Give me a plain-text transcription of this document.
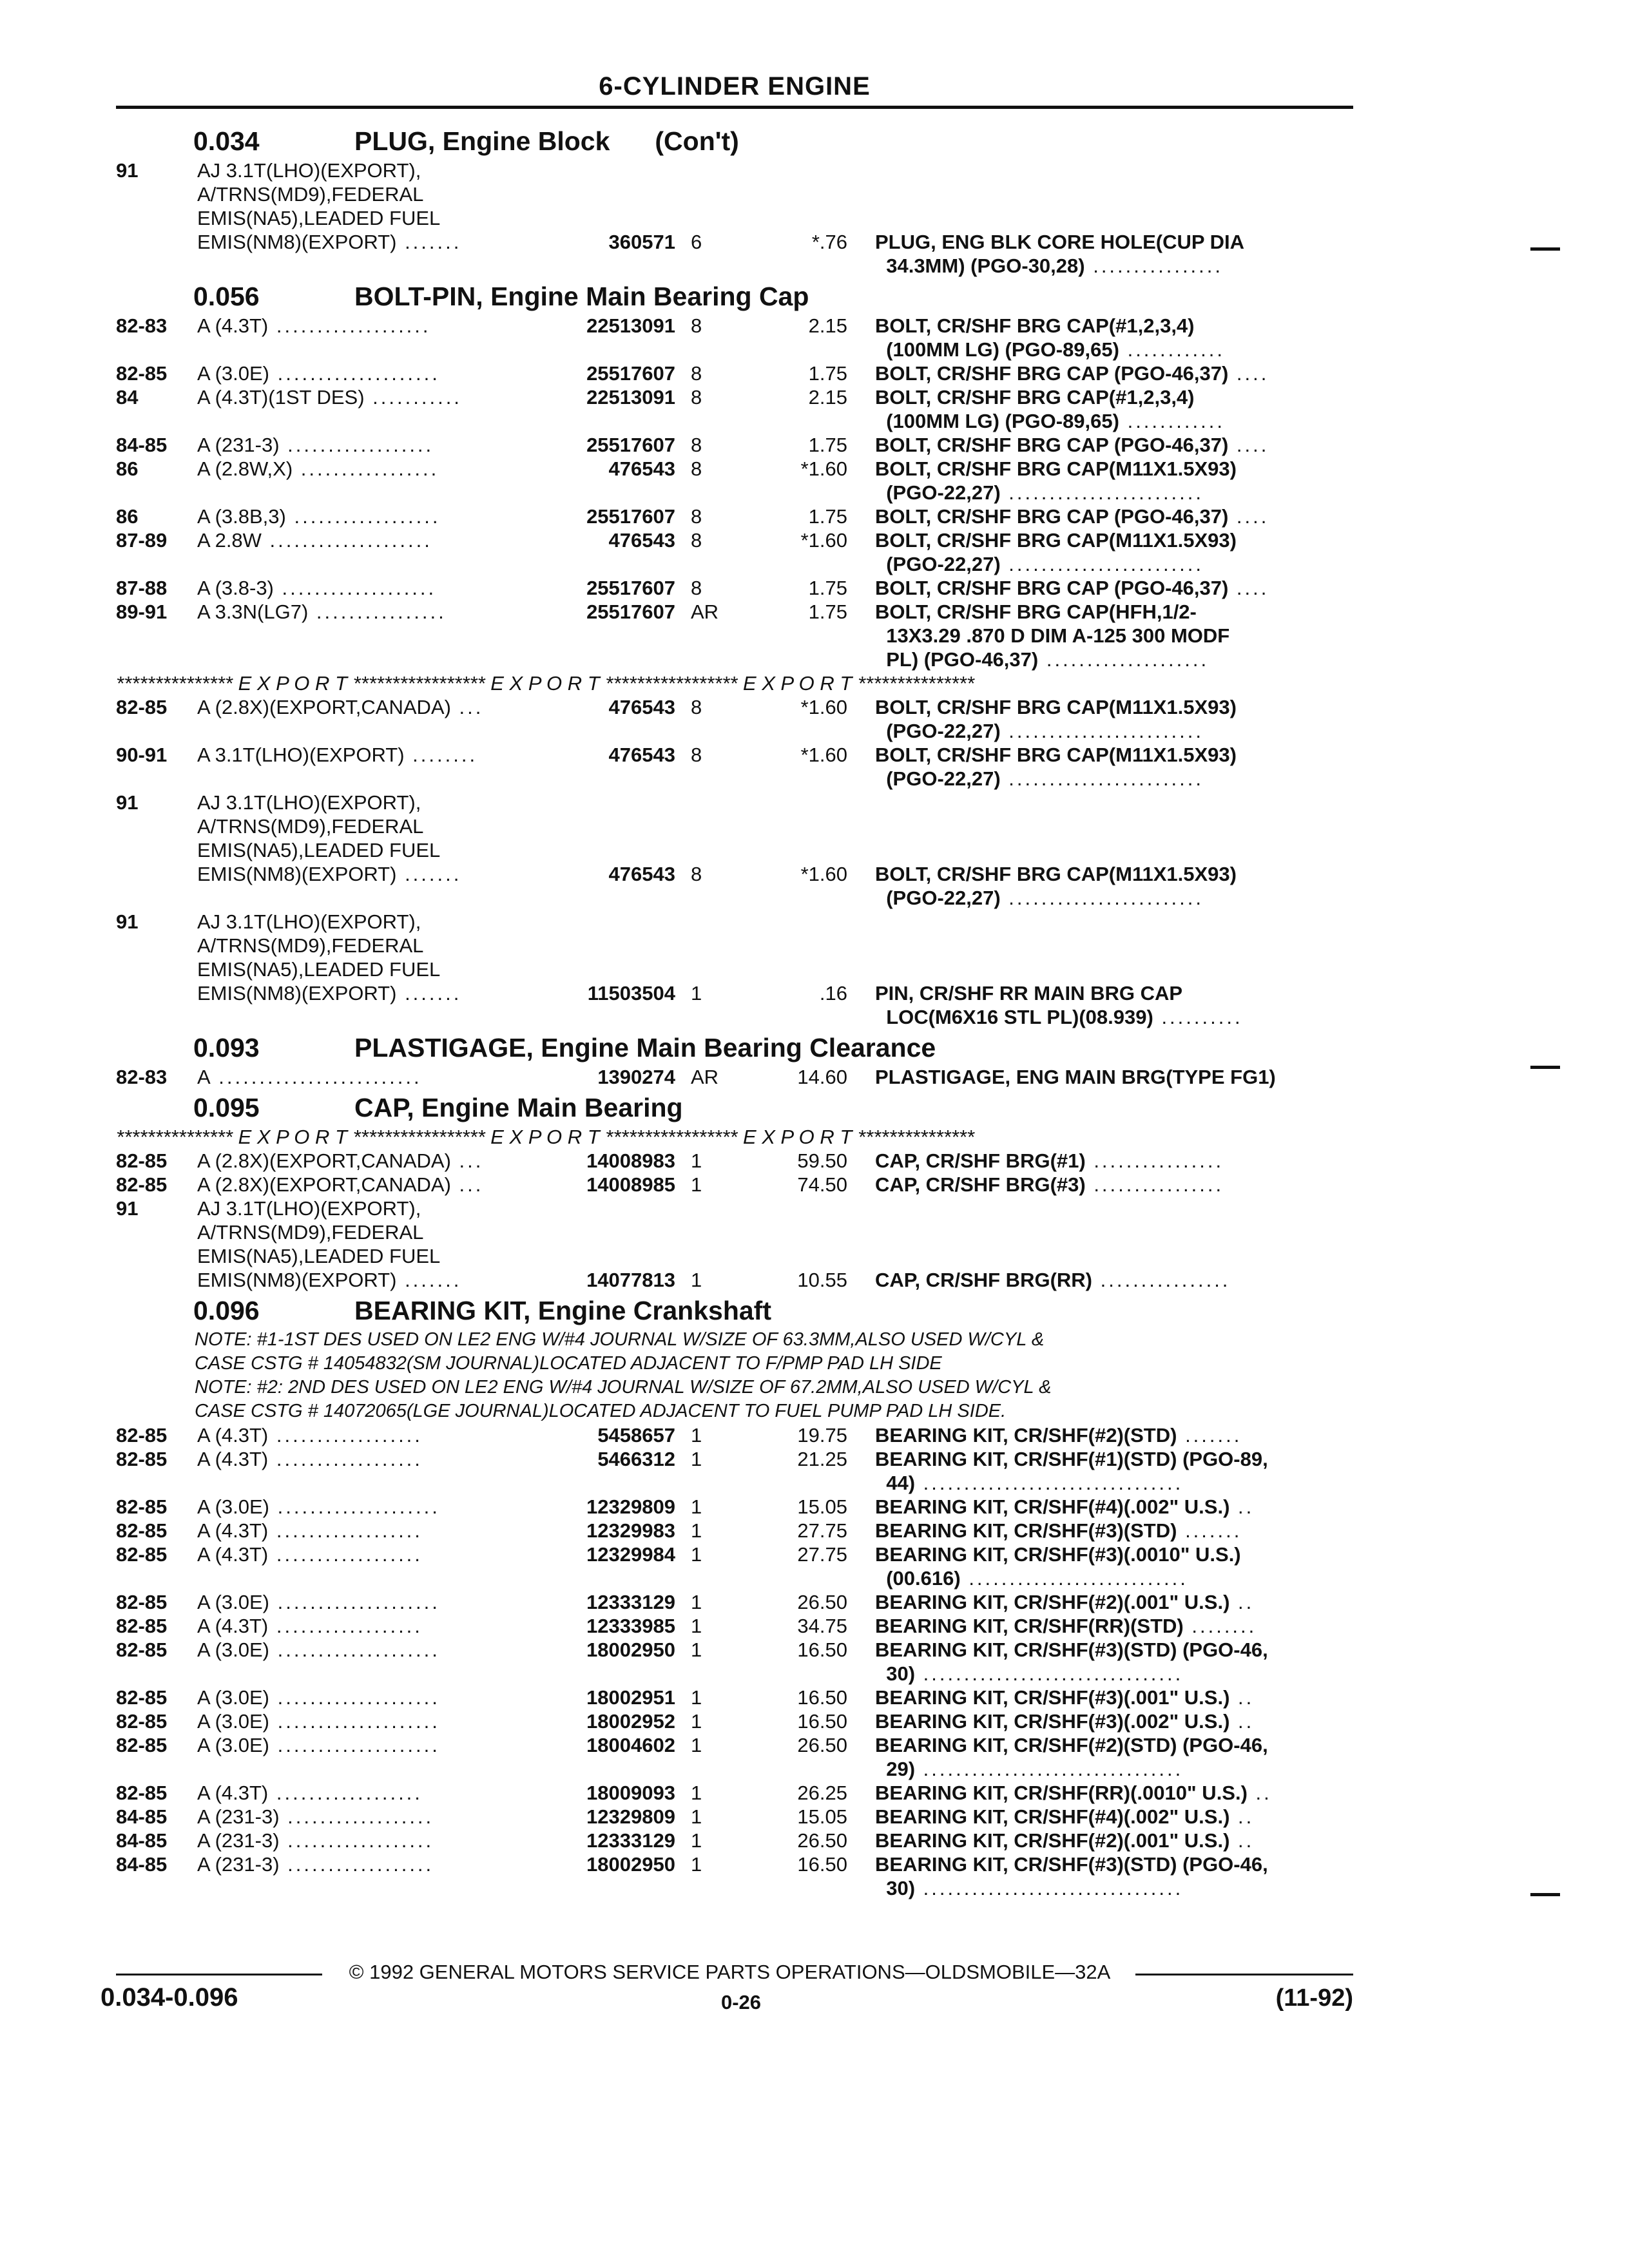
6-CYLINDER ENGINE
0.034	PLUG, Engine Block (Con't)
91	AJ 3.1T(LHO)(EXPORT),
A/TRNS(MD9),FEDERAL
EMIS(NA5),LEADED FUEL
EMIS(NM8)(EXPORT) .......	360571 6	*.76 PLUG, ENG BLK CORE HOLE(CUP DIA
34.3MM) (PGO-30,28) ................
0.056	BOLT-PIN, Engine Main Bearing Cap
82-83	A (4.3T) ...................	22513091 8	2.15 BOLT, CR/SHF BRG CAP(#1,2,3,4)
(100MM LG) (PGO-89,65) ............
82-85	A (3.0E) ....................	25517607 8	1.75 BOLT, CR/SHF BRG CAP (PGO-46,37) ....
84	A (4.3T)(1ST DES) ...........	22513091 8	2.15 BOLT, CR/SHF BRG CAP(#1,2,3,4)
(100MM LG) (PGO-89,65) ............
84-85	A (231-3) ..................	25517607 8	1.75 BOLT, CR/SHF BRG CAP (PGO-46,37) ....
86	A (2.8W,X) .................	476543 8	*1.60 BOLT, CR/SHF BRG CAP(M11X1.5X93)
(PGO-22,27) ........................
86	A (3.8B,3) ..................	25517607 8	1.75 BOLT, CR/SHF BRG CAP (PGO-46,37) ....
87-89	A 2.8W ....................	476543 8	*1.60 BOLT, CR/SHF BRG CAP(M11X1.5X93)
(PGO-22,27) ........................
87-88	A (3.8-3) ...................	25517607 8	1.75 BOLT, CR/SHF BRG CAP (PGO-46,37) ....
89-91	A 3.3N(LG7) ................	25517607 AR	1.75 BOLT, CR/SHF BRG CAP(HFH,1/2-
13X3.29 .870 D DIM A-125 300 MODF
PL) (PGO-46,37) ....................
*************** E X P O R T ***************** E X P O R T ***************** E X P O R T ***************
82-85	A (2.8X)(EXPORT,CANADA) ...	476543 8	*1.60 BOLT, CR/SHF BRG CAP(M11X1.5X93)
(PGO-22,27) ........................
90-91	A 3.1T(LHO)(EXPORT) ........	476543 8	*1.60 BOLT, CR/SHF BRG CAP(M11X1.5X93)
(PGO-22,27) ........................
91	AJ 3.1T(LHO)(EXPORT),
A/TRNS(MD9),FEDERAL
EMIS(NA5),LEADED FUEL
EMIS(NM8)(EXPORT) .......	476543 8	*1.60 BOLT, CR/SHF BRG CAP(M11X1.5X93)
(PGO-22,27) ........................
91	AJ 3.1T(LHO)(EXPORT),
A/TRNS(MD9),FEDERAL
EMIS(NA5),LEADED FUEL
EMIS(NM8)(EXPORT) .......	11503504 1	.16 PIN, CR/SHF RR MAIN BRG CAP
LOC(M6X16 STL PL)(08.939) ..........
0.093	PLASTIGAGE, Engine Main Bearing Clearance
82-83	A .........................	1390274 AR	14.60 PLASTIGAGE, ENG MAIN BRG(TYPE FG1)
0.095	CAP, Engine Main Bearing
*************** E X P O R T ***************** E X P O R T ***************** E X P O R T ***************
82-85	A (2.8X)(EXPORT,CANADA) ...	14008983 1	59.50 CAP, CR/SHF BRG(#1) ................
82-85	A (2.8X)(EXPORT,CANADA) ...	14008985 1	74.50 CAP, CR/SHF BRG(#3) ................
91	AJ 3.1T(LHO)(EXPORT),
A/TRNS(MD9),FEDERAL
EMIS(NA5),LEADED FUEL
EMIS(NM8)(EXPORT) .......	14077813 1	10.55 CAP, CR/SHF BRG(RR) ................
0.096	BEARING KIT, Engine Crankshaft
NOTE: #1-1ST DES USED ON LE2 ENG W/#4 JOURNAL W/SIZE OF 63.3MM,ALSO USED W/CYL &
CASE CSTG # 14054832(SM JOURNAL)LOCATED ADJACENT TO F/PMP PAD LH SIDE
NOTE: #2: 2ND DES USED ON LE2 ENG W/#4 JOURNAL W/SIZE OF 67.2MM,ALSO USED W/CYL &
CASE CSTG # 14072065(LGE JOURNAL)LOCATED ADJACENT TO FUEL PUMP PAD LH SIDE.
82-85	A (4.3T) ..................	5458657 1	19.75 BEARING KIT, CR/SHF(#2)(STD) .......
82-85	A (4.3T) ..................	5466312 1	21.25 BEARING KIT, CR/SHF(#1)(STD) (PGO-89,
44) ................................
82-85	A (3.0E) ....................	12329809 1	15.05 BEARING KIT, CR/SHF(#4)(.002" U.S.) ..
82-85	A (4.3T) ..................	12329983 1	27.75 BEARING KIT, CR/SHF(#3)(STD) .......
82-85	A (4.3T) ..................	12329984 1	27.75 BEARING KIT, CR/SHF(#3)(.0010" U.S.)
(00.616) ...........................
82-85	A (3.0E) ....................	12333129 1	26.50 BEARING KIT, CR/SHF(#2)(.001" U.S.) ..
82-85	A (4.3T) ..................	12333985 1	34.75 BEARING KIT, CR/SHF(RR)(STD) ........
82-85	A (3.0E) ....................	18002950 1	16.50 BEARING KIT, CR/SHF(#3)(STD) (PGO-46,
30) ................................
82-85	A (3.0E) ....................	18002951 1	16.50 BEARING KIT, CR/SHF(#3)(.001" U.S.) ..
82-85	A (3.0E) ....................	18002952 1	16.50 BEARING KIT, CR/SHF(#3)(.002" U.S.) ..
82-85	A (3.0E) ....................	18004602 1	26.50 BEARING KIT, CR/SHF(#2)(STD) (PGO-46,
29) ................................
82-85	A (4.3T) ..................	18009093 1	26.25 BEARING KIT, CR/SHF(RR)(.0010" U.S.) ..
84-85	A (231-3) ..................	12329809 1	15.05 BEARING KIT, CR/SHF(#4)(.002" U.S.) ..
84-85	A (231-3) ..................	12333129 1	26.50 BEARING KIT, CR/SHF(#2)(.001" U.S.) ..
84-85	A (231-3) ..................	18002950 1	16.50 BEARING KIT, CR/SHF(#3)(STD) (PGO-46,
30) ................................
© 1992 GENERAL MOTORS SERVICE PARTS OPERATIONS—OLDSMOBILE—32A
0.034-0.096	0-26	(11-92)
